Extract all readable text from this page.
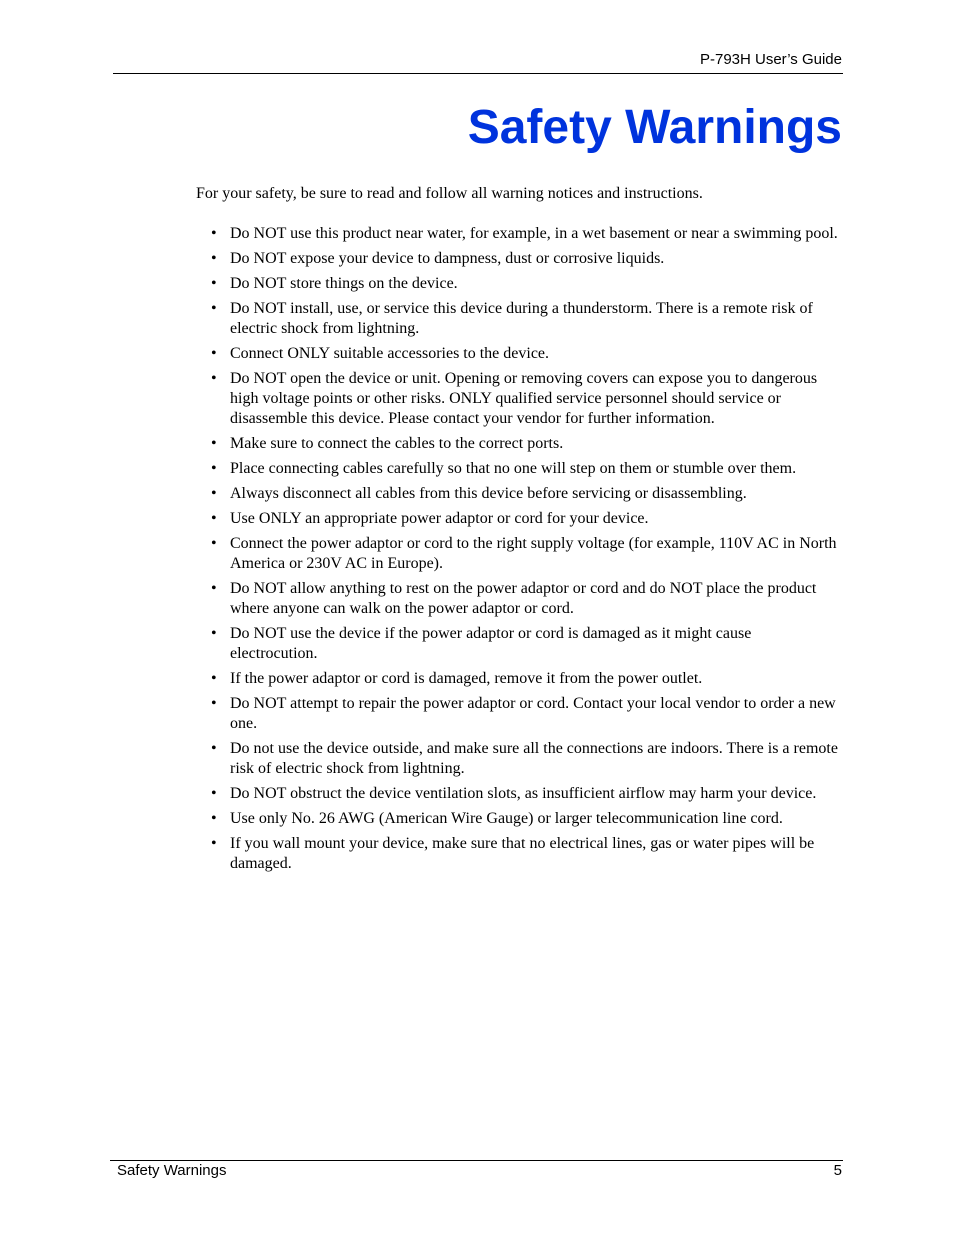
P-793H User’s Guide
Safety Warnings

For your safety, be sure to read and follow all warning notices and instructions.

• Do NOT use this product near water, for example, in a wet basement or near a swimming pool.
• Do NOT expose your device to dampness, dust or corrosive liquids.
• Do NOT store things on the device.
• Do NOT install, use, or service this device during a thunderstorm. There is a remote risk of electric shock from lightning.
• Connect ONLY suitable accessories to the device.
• Do NOT open the device or unit. Opening or removing covers can expose you to dangerous high voltage points or other risks. ONLY qualified service personnel should service or disassemble this device. Please contact your vendor for further information.
• Make sure to connect the cables to the correct ports.
• Place connecting cables carefully so that no one will step on them or stumble over them.
• Always disconnect all cables from this device before servicing or disassembling.
• Use ONLY an appropriate power adaptor or cord for your device.
• Connect the power adaptor or cord to the right supply voltage (for example, 110V AC in North America or 230V AC in Europe).
• Do NOT allow anything to rest on the power adaptor or cord and do NOT place the product where anyone can walk on the power adaptor or cord.
• Do NOT use the device if the power adaptor or cord is damaged as it might cause electrocution.
• If the power adaptor or cord is damaged, remove it from the power outlet.
• Do NOT attempt to repair the power adaptor or cord. Contact your local vendor to order a new one.
• Do not use the device outside, and make sure all the connections are indoors. There is a remote risk of electric shock from lightning.
• Do NOT obstruct the device ventilation slots, as insufficient airflow may harm your device.
• Use only No. 26 AWG (American Wire Gauge) or larger telecommunication line cord.
• If you wall mount your device, make sure that no electrical lines, gas or water pipes will be damaged.
Safety Warnings	5
